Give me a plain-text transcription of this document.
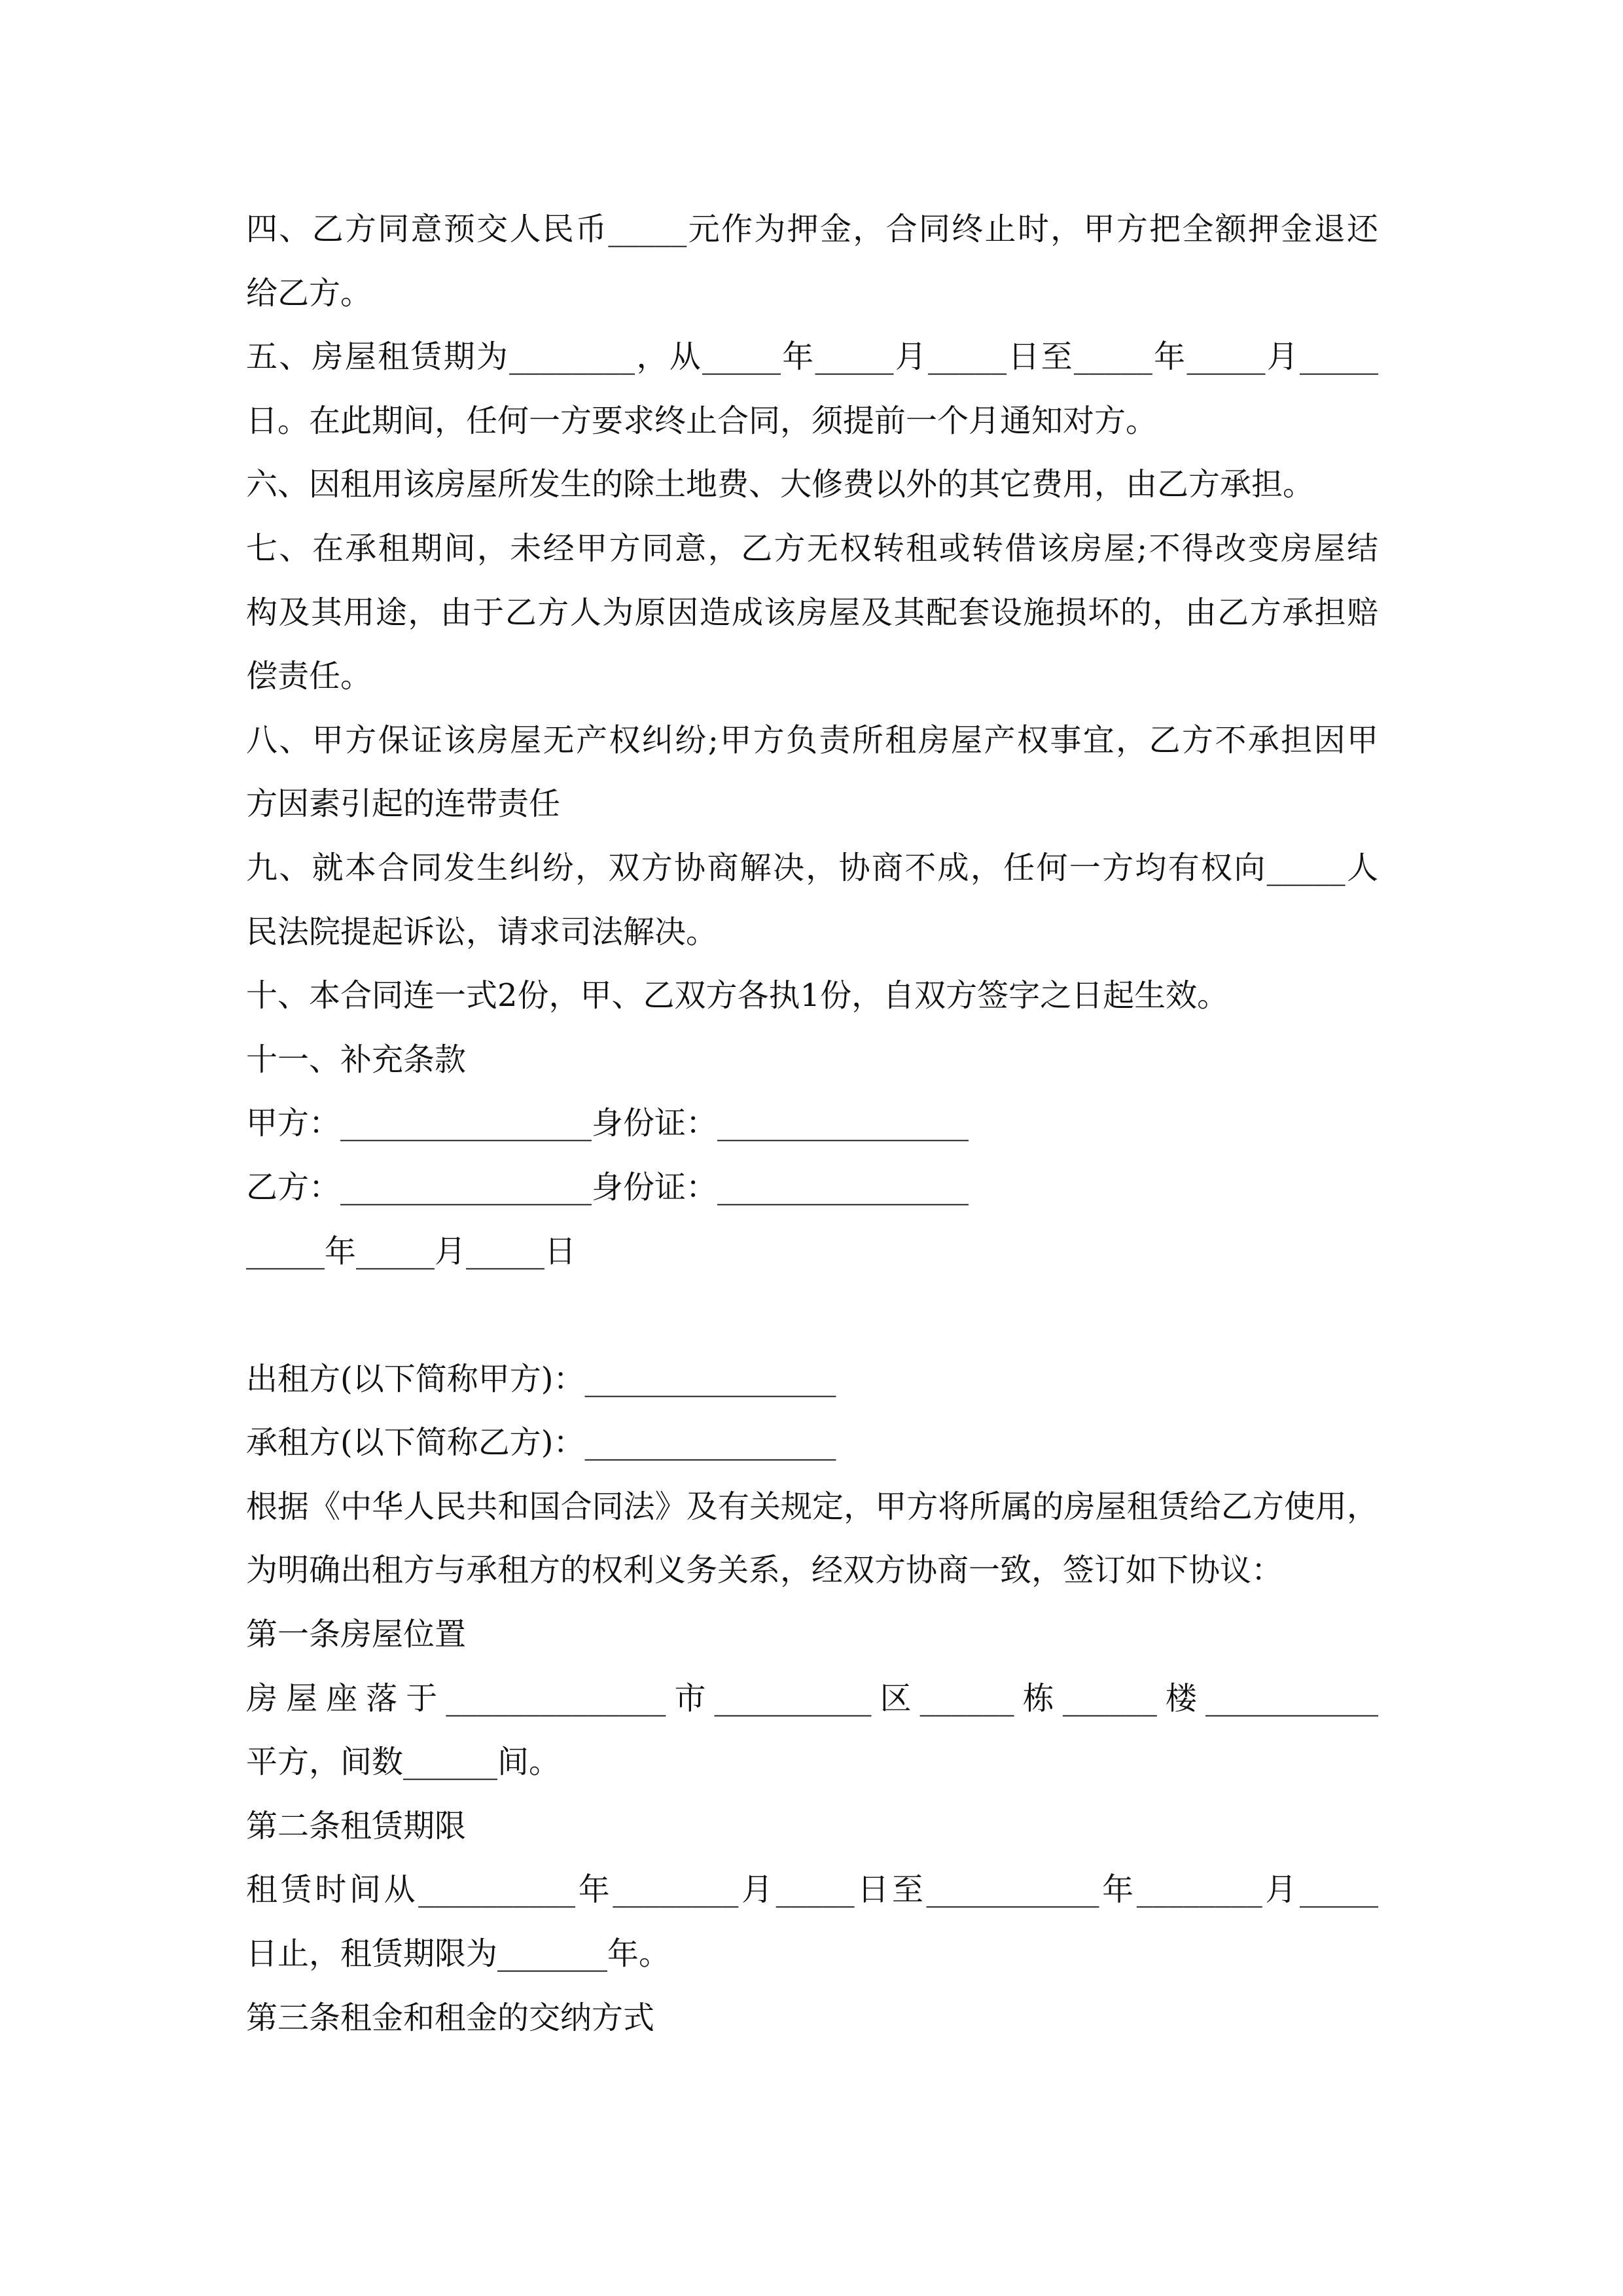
四、乙方同意预交人民币_____元作为押金，合同终止时，甲方把全额押金退还
给乙方。
五、房屋租赁期为________，从_____年_____月_____日至_____年_____月_____
日。在此期间，任何一方要求终止合同，须提前一个月通知对方。
六、因租用该房屋所发生的除土地费、大修费以外的其它费用，由乙方承担。
七、在承租期间，未经甲方同意，乙方无权转租或转借该房屋;不得改变房屋结
构及其用途，由于乙方人为原因造成该房屋及其配套设施损坏的，由乙方承担赔
偿责任。
八、甲方保证该房屋无产权纠纷;甲方负责所租房屋产权事宜，乙方不承担因甲
方因素引起的连带责任
九、就本合同发生纠纷，双方协商解决，协商不成，任何一方均有权向_____人
民法院提起诉讼，请求司法解决。
十、本合同连一式2份，甲、乙双方各执1份，自双方签字之日起生效。
十一、补充条款
甲方：________________身份证：________________
乙方：________________身份证：________________
_____年_____月_____日
出租方(以下简称甲方)：________________
承租方(以下简称乙方)：________________
根据《中华人民共和国合同法》及有关规定，甲方将所属的房屋租赁给乙方使用，
为明确出租方与承租方的权利义务关系，经双方协商一致，签订如下协议：
第一条房屋位置
房屋座落于______________市__________区______栋______楼___________
平方，间数______间。
第二条租赁期限
租赁时间从__________年________月_____日至___________年________月_____
日止，租赁期限为_______年。
第三条租金和租金的交纳方式
